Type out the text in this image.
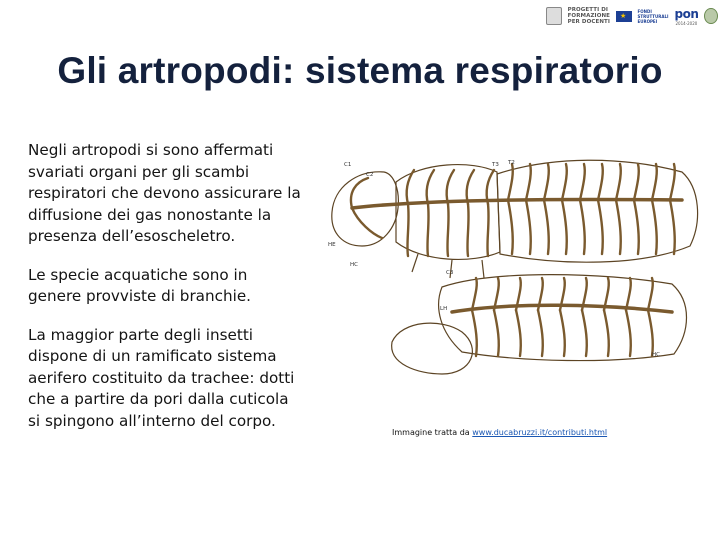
PROGETTI DI
FORMAZIONE
PER DOCENTI
★
FONDI
STRUTTURALI
EUROPEI
pon
2014-2020
Gli artropodi: sistema respiratorio

Negli artropodi si sono affermati svariati organi per gli scambi respiratori che devono assicurare la diffusione dei gas nonostante la presenza dell’esoscheletro.

Le specie acquatiche sono in genere provviste di branchie.

La maggior parte degli insetti dispone di un ramificato sistema aerifero costituito da trachee: dotti che a partire da pori dalla cuticola si spingono all’interno del corpo.

C1
C2
C3
T3 T2
HE
LH
HC
HC
Immagine tratta da www.ducabruzzi.it/contributi.html
